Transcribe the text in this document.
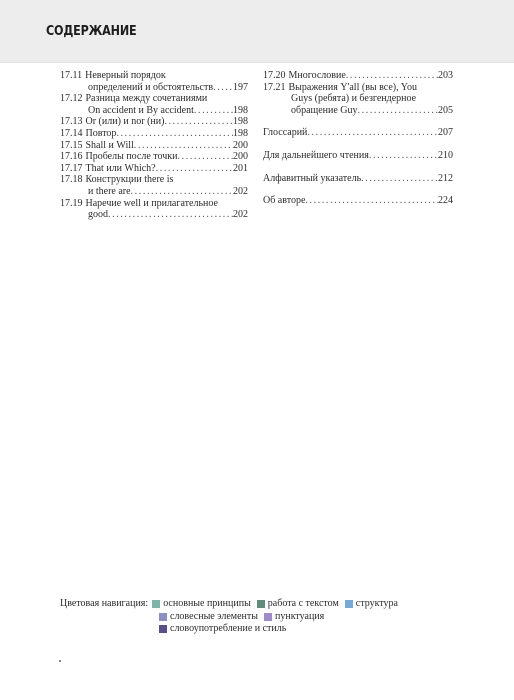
СОДЕРЖАНИЕ
17.11 Неверный порядок
определений и обстоятельств ..... 197
17.12 Разница между сочетаниями
On accident и By accident .....	198
17.13 Or (или) и nor (ни) .....	198
17.14 Повтор .....	198
17.15 Shall и Will .....	200
17.16 Пробелы после точки .....	200
17.17 That или Which? .....	201
17.18 Конструкции there is
и there are .....	202
17.19 Наречие well и прилагательное
good .....	202
17.20 Многословие .....	203
17.21 Выражения Y'all (вы все), You
Guys (ребята) и безгендерное
обращение Guy .....	205
Глоссарий .....	207
Для дальнейшего чтения .....	210
Алфавитный указатель .....	212
Об авторе .....	224
Цветовая навигация: основные принципы работа с текстом структура
словесные элементы пунктуация
словоупотребление и стиль
